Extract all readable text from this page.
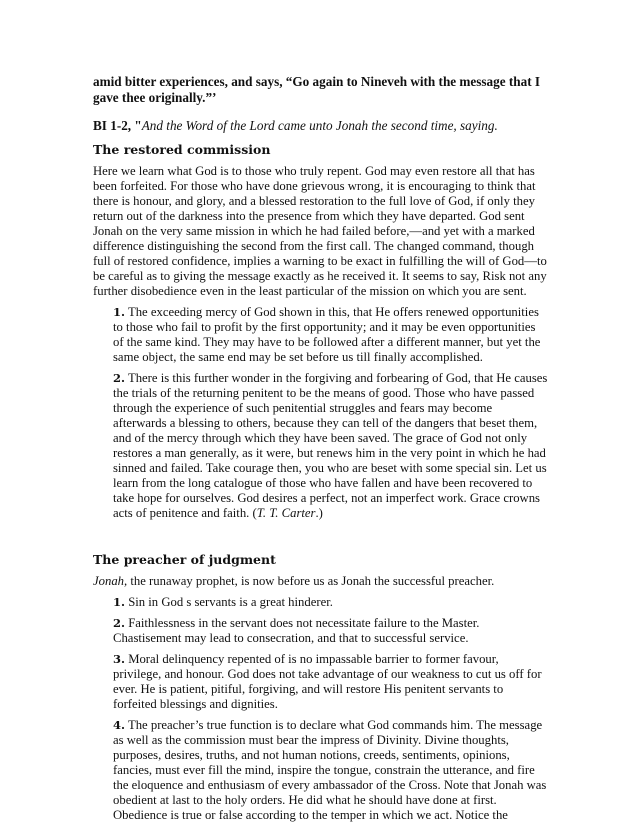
amid bitter experiences, and says, “Go again to Nineveh with the message that I gave thee originally.”’

BI 1-2, "And the Word of the Lord came unto Jonah the second time, saying.

The restored commission

Here we learn what God is to those who truly repent. God may even restore all that has been forfeited. For those who have done grievous wrong, it is encouraging to think that there is honour, and glory, and a blessed restoration to the full love of God, if only they return out of the darkness into the presence from which they have departed. God sent Jonah on the very same mission in which he had failed before,—and yet with a marked difference distinguishing the second from the first call. The changed command, though full of restored confidence, implies a warning to be exact in fulfilling the will of God—to be careful as to giving the message exactly as he received it. It seems to say, Risk not any further disobedience even in the least particular of the mission on which you are sent.

1. The exceeding mercy of God shown in this, that He offers renewed opportunities to those who fail to profit by the first opportunity; and it may be even opportunities of the same kind. They may have to be followed after a different manner, but yet the same object, the same end may be set before us till finally accomplished.

2. There is this further wonder in the forgiving and forbearing of God, that He causes the trials of the returning penitent to be the means of good. Those who have passed through the experience of such penitential struggles and fears may become afterwards a blessing to others, because they can tell of the dangers that beset them, and of the mercy through which they have been saved. The grace of God not only restores a man generally, as it were, but renews him in the very point in which he had sinned and failed. Take courage then, you who are beset with some special sin. Let us learn from the long catalogue of those who have fallen and have been recovered to take hope for ourselves. God desires a perfect, not an imperfect work. Grace crowns acts of penitence and faith. (T. T. Carter.)

The preacher of judgment

Jonah, the runaway prophet, is now before us as Jonah the successful preacher.

1. Sin in God s servants is a great hinderer.

2. Faithlessness in the servant does not necessitate failure to the Master. Chastisement may lead to consecration, and that to successful service.

3. Moral delinquency repented of is no impassable barrier to former favour, privilege, and honour. God does not take advantage of our weakness to cut us off for ever. He is patient, pitiful, forgiving, and will restore His penitent servants to forfeited blessings and dignities.

4. The preacher’s true function is to declare what God commands him. The message as well as the commission must bear the impress of Divinity. Divine thoughts, purposes, desires, truths, and not human notions, creeds, sentiments, opinions, fancies, must ever fill the mind, inspire the tongue, constrain the utterance, and fire the eloquence and enthusiasm of every ambassador of the Cross. Note that Jonah was obedient at last to the holy orders. He did what he should have done at first. Obedience is true or false according to the temper in which we act. Notice the
